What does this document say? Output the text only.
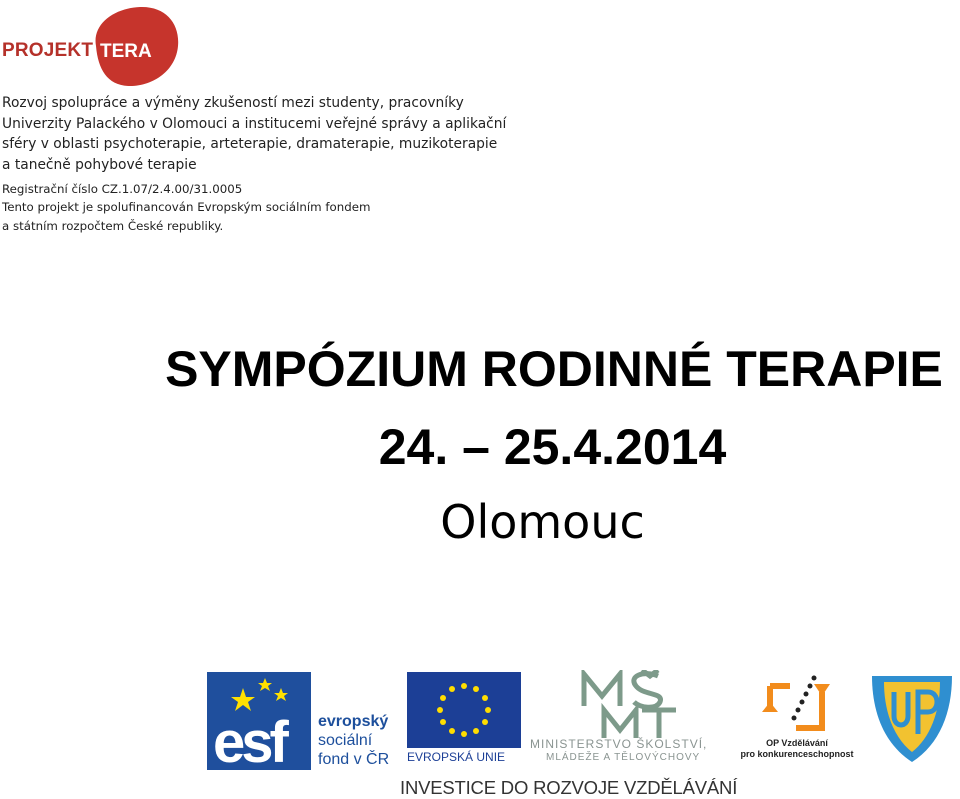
PROJEKT TERA
Rozvoj spolupráce a výměny zkušeností mezi studenty, pracovníky
Univerzity Palackého v Olomouci a institucemi veřejné správy a aplikační
sféry v oblasti psychoterapie, arteterapie, dramaterapie, muzikoterapie
a tanečně pohybové terapie
Registrační číslo CZ.1.07/2.4.00/31.0005
Tento projekt je spolufinancován Evropským sociálním fondem
a státním rozpočtem České republiky.
SYMPÓZIUM RODINNÉ TERAPIE
24. – 25.4.2014
Olomouc
esf evropský
sociální
fond v ČR EVROPSKÁ UNIE
MINISTERSTVO ŠKOLSTVÍ,
MLÁDEŽE A TĚLOVÝCHOVY
OP Vzdělávání
pro konkurenceschopnost
INVESTICE DO ROZVOJE VZDĚLÁVÁNÍ
